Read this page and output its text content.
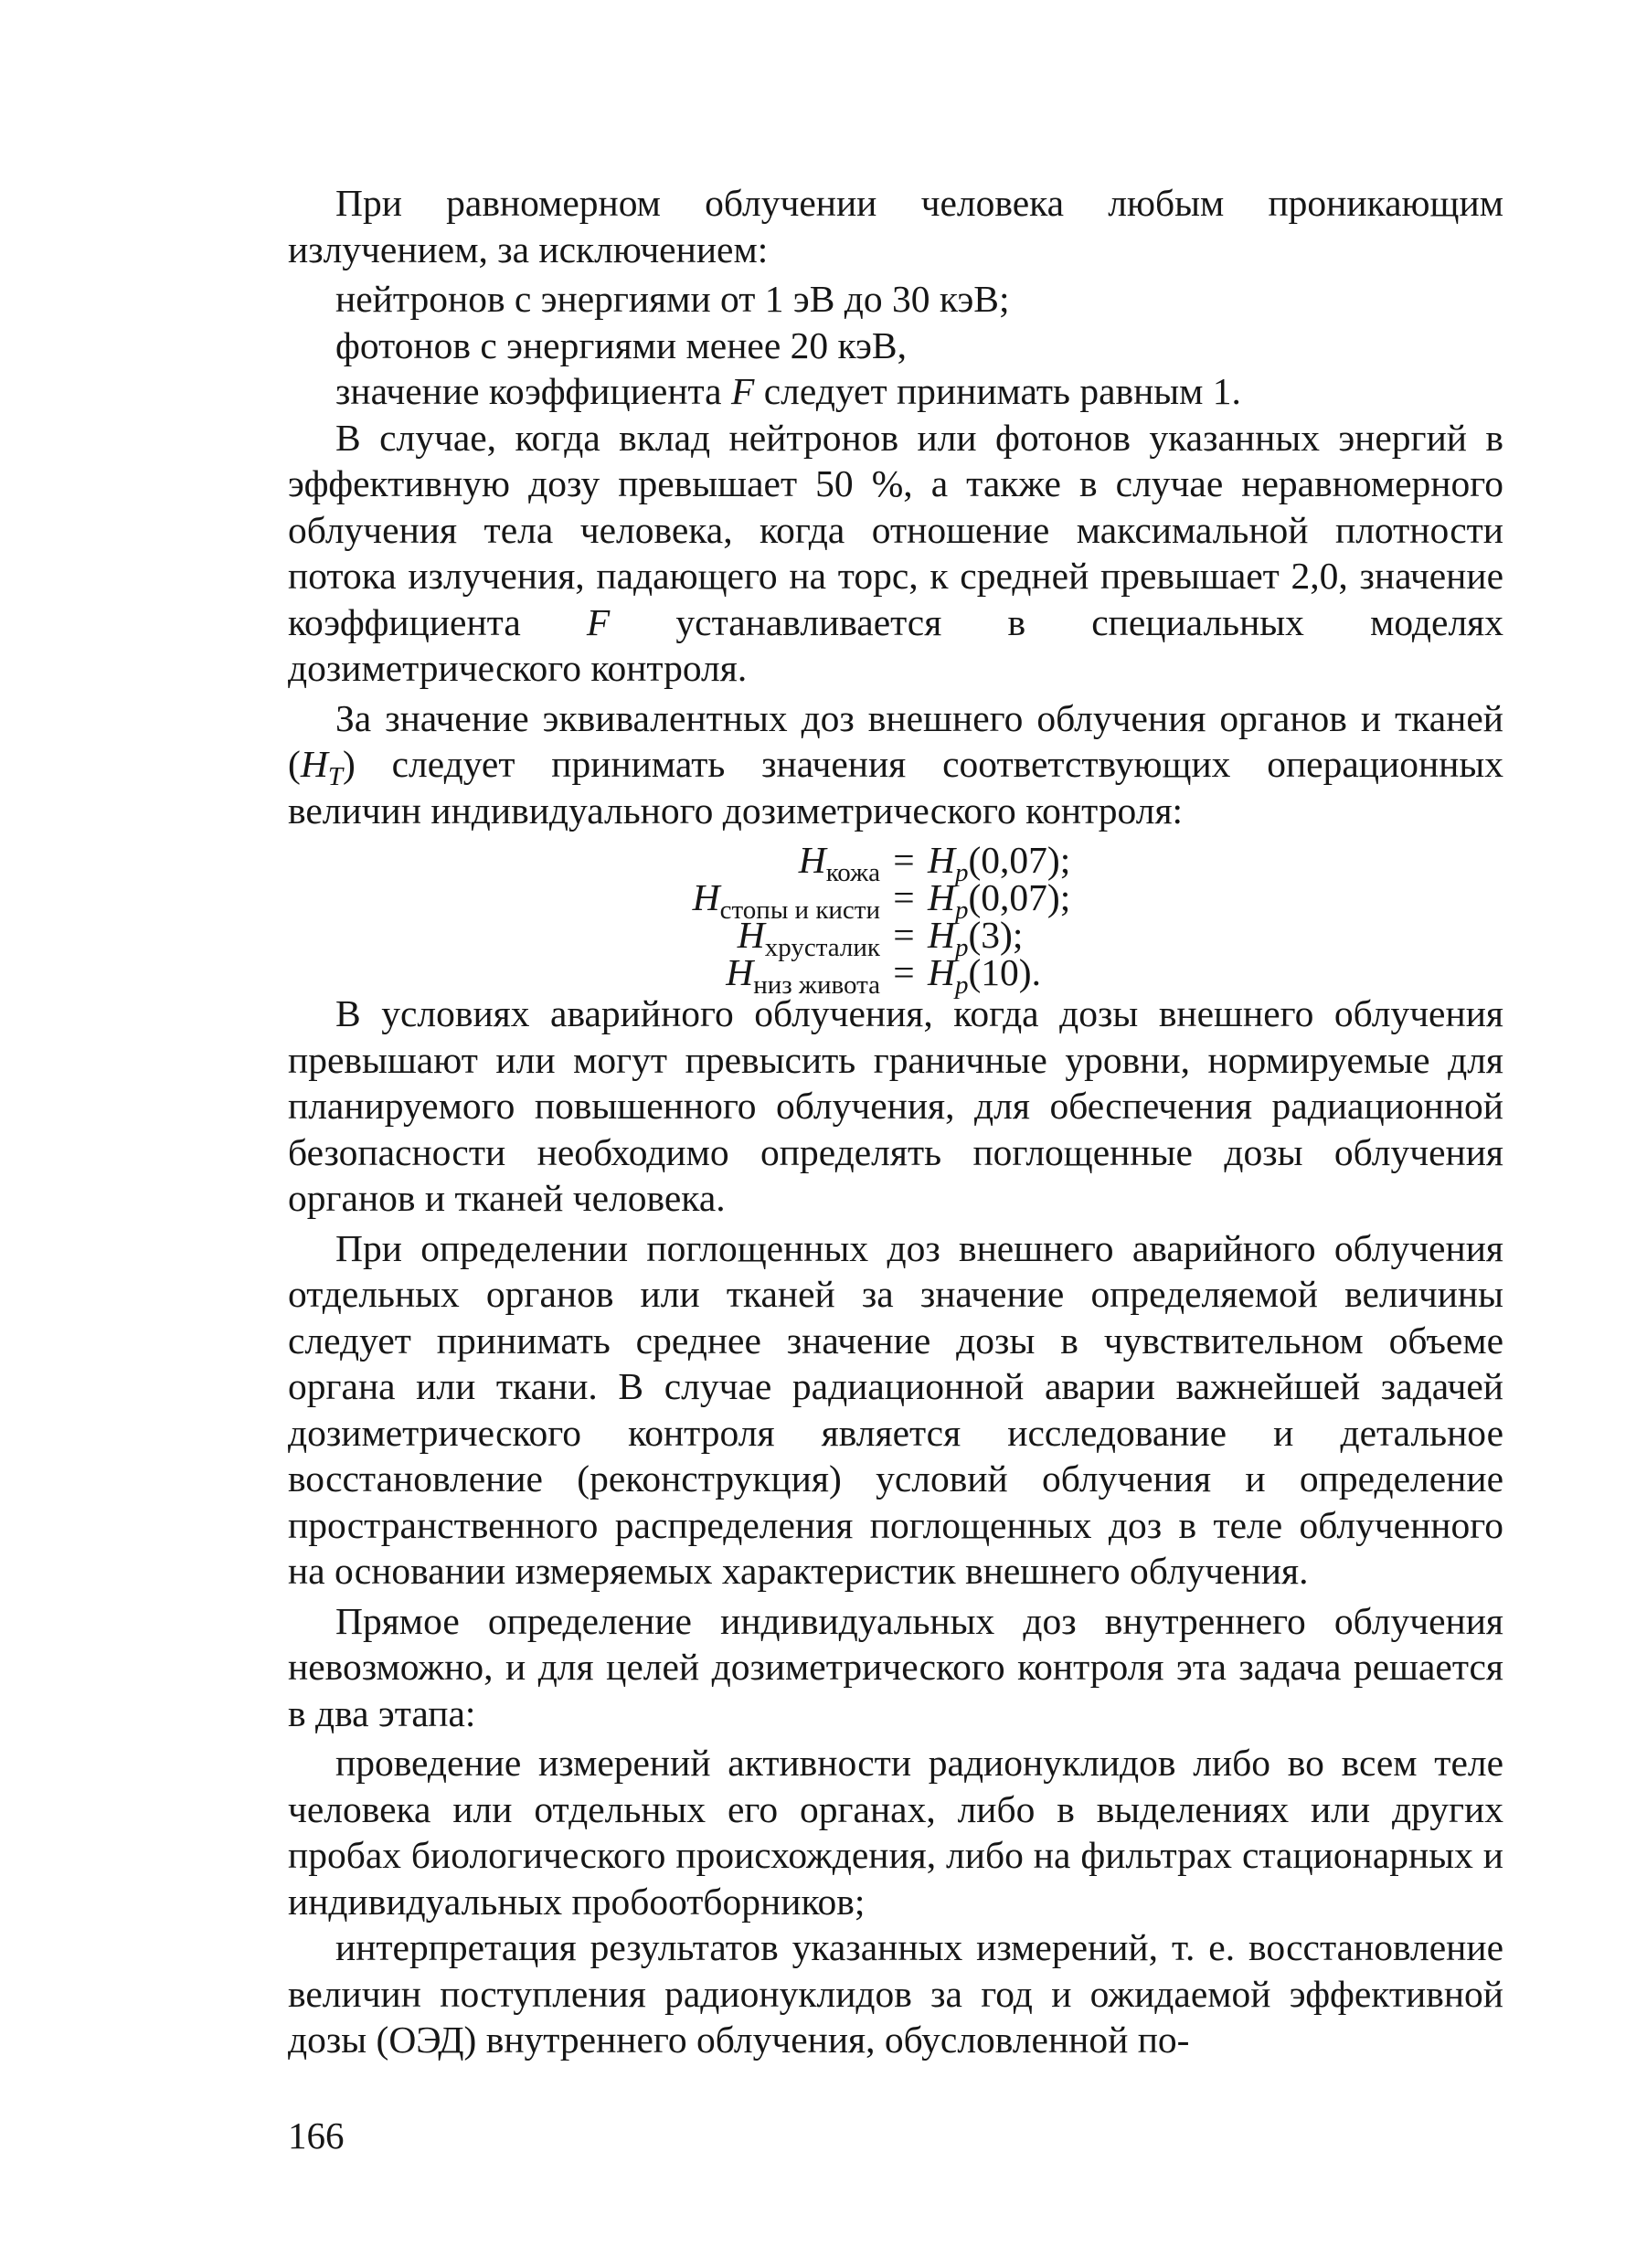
При равномерном облучении человека любым проникающим излучением, за исключением:

нейтронов с энергиями от 1 эВ до 30 кэВ;

фотонов с энергиями менее 20 кэВ,

значение коэффициента F следует принимать равным 1.

В случае, когда вклад нейтронов или фотонов указанных энергий в эффективную дозу превышает 50 %, а также в случае неравномерного облучения тела человека, когда отношение максимальной плотности потока излучения, падающего на торс, к средней превышает 2,0, значение коэффициента F устанавливается в специальных моделях дозиметрического контроля.

За значение эквивалентных доз внешнего облучения органов и тканей $(H_T)$ следует принимать значения соответствующих операционных величин индивидуального дозиметрического контроля:

$H_{кожа} = H_p(0,07)$;
$H_{стопы и кисти} = H_p(0,07)$;
$H_{хрусталик} = H_p(3)$;
$H_{низ живота} = H_p(10)$.

В условиях аварийного облучения, когда дозы внешнего облучения превышают или могут превысить граничные уровни, нормируемые для планируемого повышенного облучения, для обеспечения радиационной безопасности необходимо определять поглощенные дозы облучения органов и тканей человека.

При определении поглощенных доз внешнего аварийного облучения отдельных органов или тканей за значение определяемой величины следует принимать среднее значение дозы в чувствительном объеме органа или ткани. В случае радиационной аварии важнейшей задачей дозиметрического контроля является исследование и детальное восстановление (реконструкция) условий облучения и определение пространственного распределения поглощенных доз в теле облученного на основании измеряемых характеристик внешнего облучения.

Прямое определение индивидуальных доз внутреннего облучения невозможно, и для целей дозиметрического контроля эта задача решается в два этапа:

проведение измерений активности радионуклидов либо во всем теле человека или отдельных его органах, либо в выделениях или других пробах биологического происхождения, либо на фильтрах стационарных и индивидуальных пробоотборников;

интерпретация результатов указанных измерений, т. е. восстановление величин поступления радионуклидов за год и ожидаемой эффективной дозы (ОЭД) внутреннего облучения, обусловленной по-

166
